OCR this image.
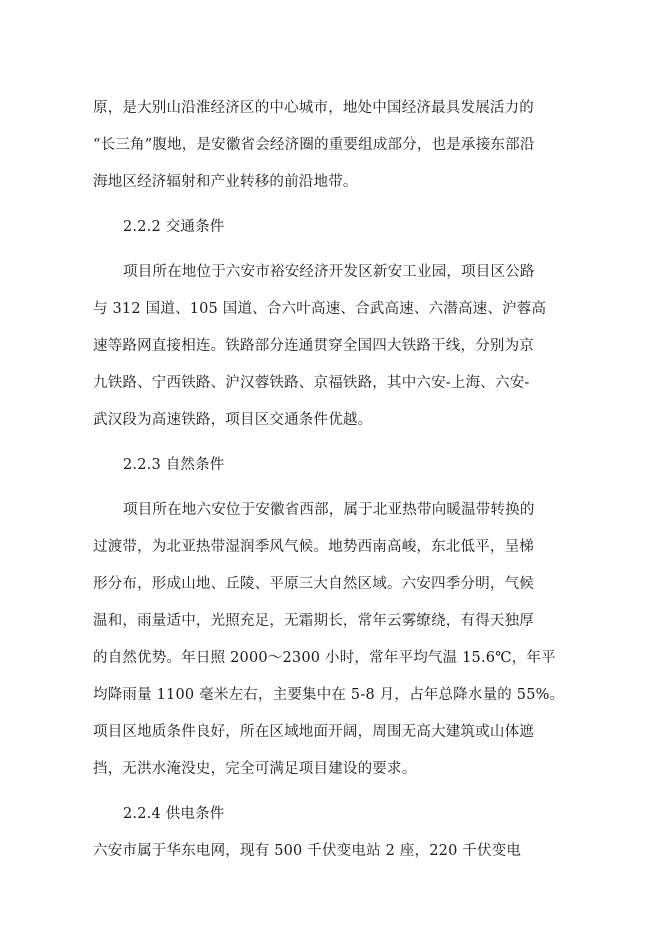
原，是大别山沿淮经济区的中心城市，地处中国经济最具发展活力的
“长三角”腹地，是安徽省会经济圈的重要组成部分，也是承接东部沿
海地区经济辐射和产业转移的前沿地带。
2.2.2 交通条件
项目所在地位于六安市裕安经济开发区新安工业园，项目区公路
与 312 国道、105 国道、合六叶高速、合武高速、六潜高速、沪蓉高
速等路网直接相连。铁路部分连通贯穿全国四大铁路干线，分别为京
九铁路、宁西铁路、沪汉蓉铁路、京福铁路，其中六安-上海、六安-
武汉段为高速铁路，项目区交通条件优越。
2.2.3 自然条件
项目所在地六安位于安徽省西部，属于北亚热带向暖温带转换的
过渡带，为北亚热带湿润季风气候。地势西南高峻，东北低平，呈梯
形分布，形成山地、丘陵、平原三大自然区域。六安四季分明，气候
温和，雨量适中，光照充足，无霜期长，常年云雾缭绕，有得天独厚
的自然优势。年日照 2000～2300 小时，常年平均气温 15.6℃，年平
均降雨量 1100 毫米左右，主要集中在 5-8 月，占年总降水量的 55%。
项目区地质条件良好，所在区域地面开阔，周围无高大建筑或山体遮
挡，无洪水淹没史，完全可满足项目建设的要求。
2.2.4 供电条件
六安市属于华东电网，现有 500 千伏变电站 2 座，220 千伏变电
